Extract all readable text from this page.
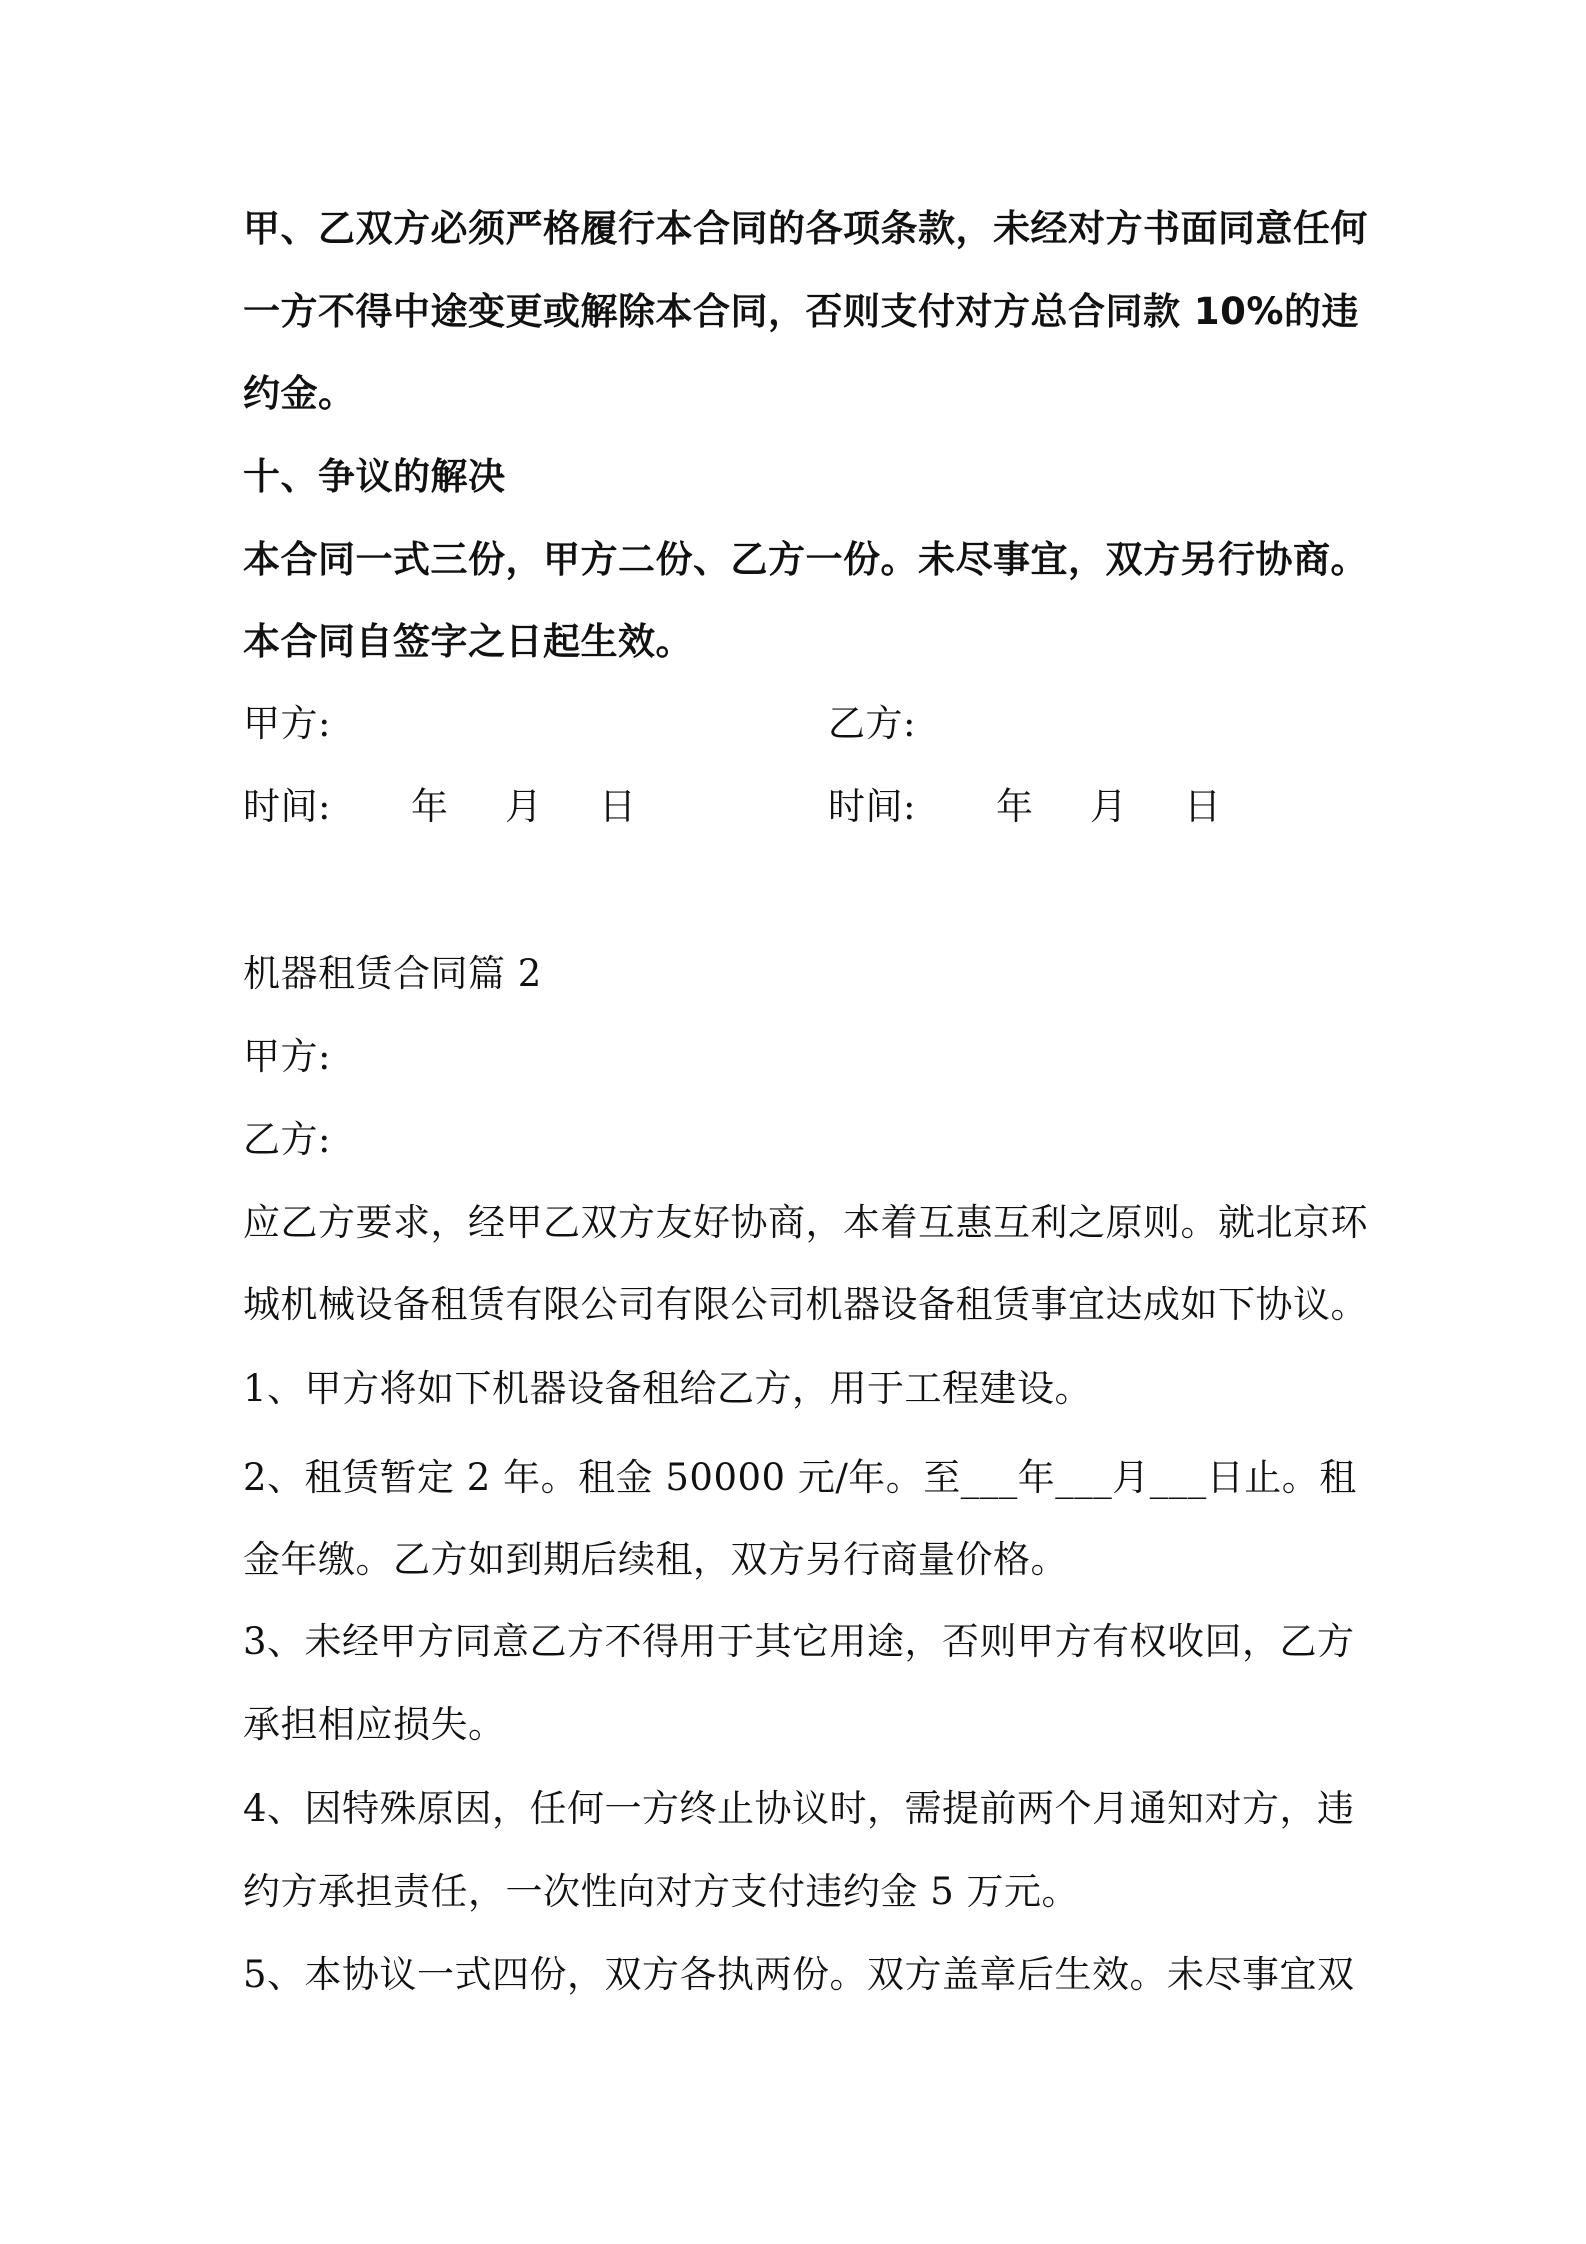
甲、乙双方必须严格履行本合同的各项条款，未经对方书面同意任何
一方不得中途变更或解除本合同，否则支付对方总合同款 10%的违
约金。
十、争议的解决
本合同一式三份，甲方二份、乙方一份。未尽事宜，双方另行协商。
本合同自签字之日起生效。
甲方:	乙方:
时间: 年 月 日	时间: 年 月 日
机器租赁合同篇 2
甲方:
乙方:
应乙方要求，经甲乙双方友好协商，本着互惠互利之原则。就北京环
城机械设备租赁有限公司有限公司机器设备租赁事宜达成如下协议。
1、甲方将如下机器设备租给乙方，用于工程建设。
2、租赁暂定 2 年。租金 50000 元/年。至___年___月___日止。租
金年缴。乙方如到期后续租，双方另行商量价格。
3、未经甲方同意乙方不得用于其它用途，否则甲方有权收回，乙方
承担相应损失。
4、因特殊原因，任何一方终止协议时，需提前两个月通知对方，违
约方承担责任，一次性向对方支付违约金 5 万元。
5、本协议一式四份，双方各执两份。双方盖章后生效。未尽事宜双
